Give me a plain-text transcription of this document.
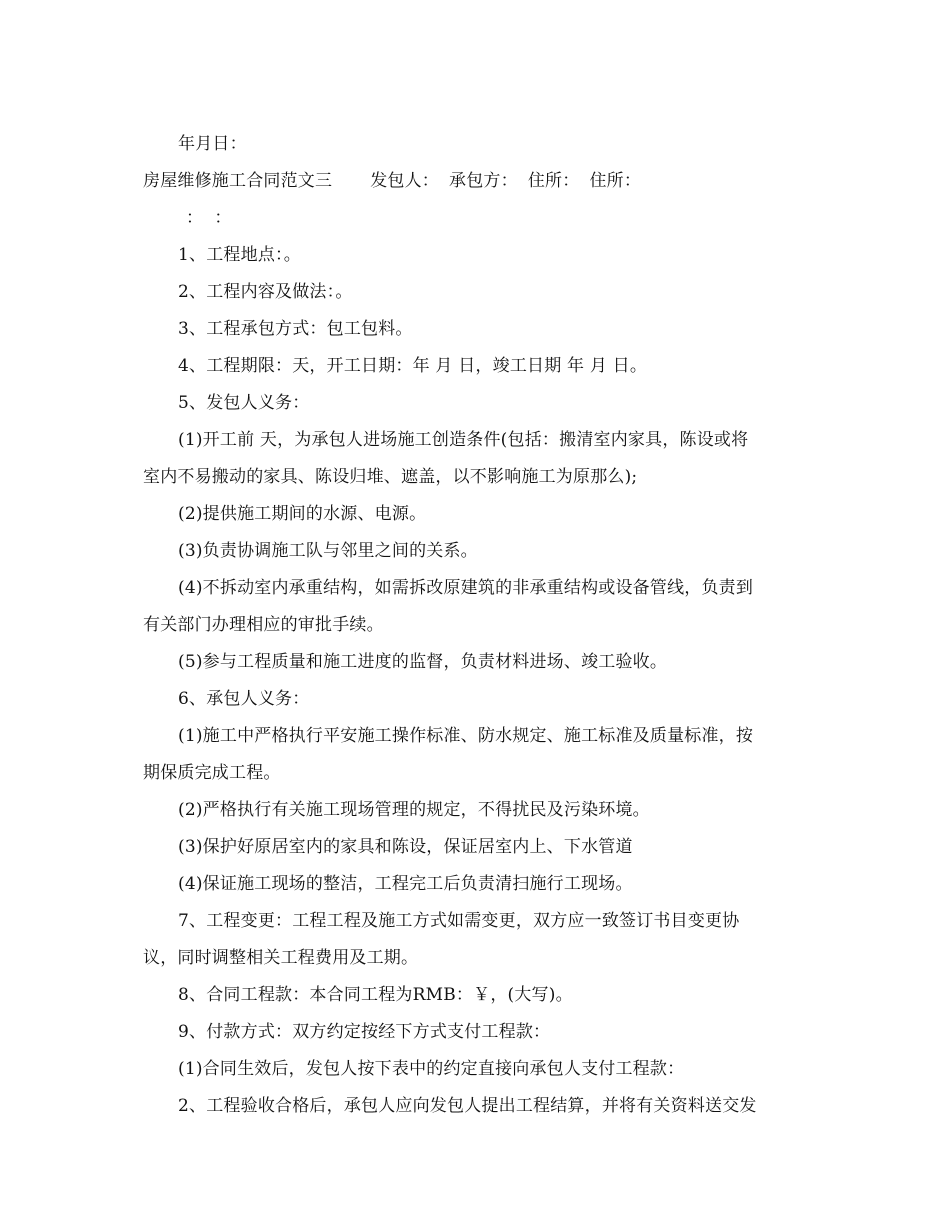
年月日：
房屋维修施工合同范文三 发包人： 承包方： 住所： 住所：
：  ：
1、工程地点：。
2、工程内容及做法：。
3、工程承包方式：包工包料。
4、工程期限：天，开工日期：年 月 日，竣工日期 年 月 日。
5、发包人义务：
(1)开工前 天，为承包人进场施工创造条件(包括：搬清室内家具，陈设或将
室内不易搬动的家具、陈设归堆、遮盖，以不影响施工为原那么);
(2)提供施工期间的水源、电源。
(3)负责协调施工队与邻里之间的关系。
(4)不拆动室内承重结构，如需拆改原建筑的非承重结构或设备管线，负责到
有关部门办理相应的审批手续。
(5)参与工程质量和施工进度的监督，负责材料进场、竣工验收。
6、承包人义务：
(1)施工中严格执行平安施工操作标准、防水规定、施工标准及质量标准，按
期保质完成工程。
(2)严格执行有关施工现场管理的规定，不得扰民及污染环境。
(3)保护好原居室内的家具和陈设，保证居室内上、下水管道
(4)保证施工现场的整洁，工程完工后负责清扫施行工现场。
7、工程变更：工程工程及施工方式如需变更，双方应一致签订书目变更协
议，同时调整相关工程费用及工期。
8、合同工程款：本合同工程为RMB：￥，(大写)。
9、付款方式：双方约定按经下方式支付工程款：
(1)合同生效后，发包人按下表中的约定直接向承包人支付工程款：
2、工程验收合格后，承包人应向发包人提出工程结算，并将有关资料送交发
